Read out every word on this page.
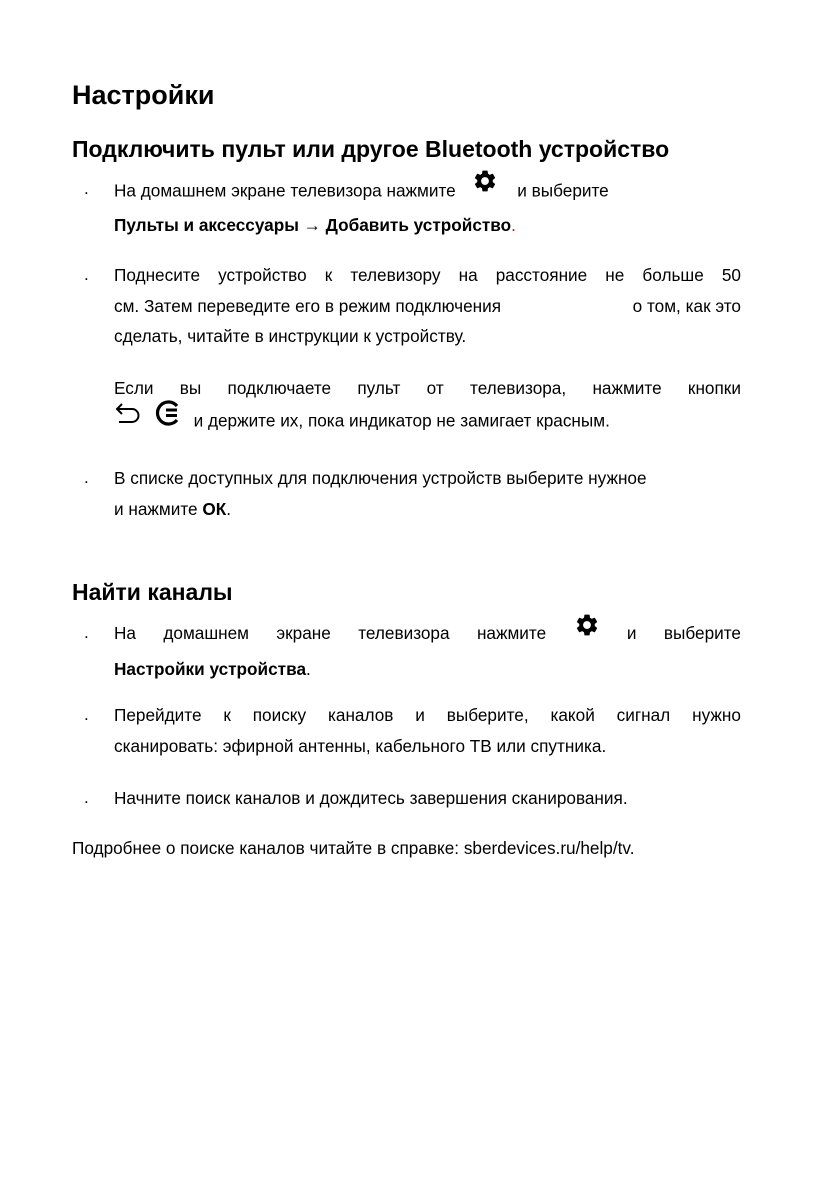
Настройки
Подключить пульт или другое Bluetooth устройство
. На домашнем экране телевизора нажмите	и выберите
Пульты и аксессуары → Добавить устройство.
. Поднесите устройство к телевизору на расстояние не больше 50
см. Затем переведите его в режим подключения	о том, как это
сделать, читайте в инструкции к устройству.
Если вы подключаете пульт от телевизора, нажмите кнопки
и держите их, пока индикатор не замигает красным.
. В списке доступных для подключения устройств выберите нужное
и нажмите ОК.
Найти каналы
. На домашнем экране телевизора нажмите	и выберите
Настройки устройства.
. Перейдите к поиску каналов и выберите, какой сигнал нужно
сканировать: эфирной антенны, кабельного ТВ или спутника.
. Начните поиск каналов и дождитесь завершения сканирования.
Подробнее о поиске каналов читайте в справке: sberdevices.ru/help/tv.
